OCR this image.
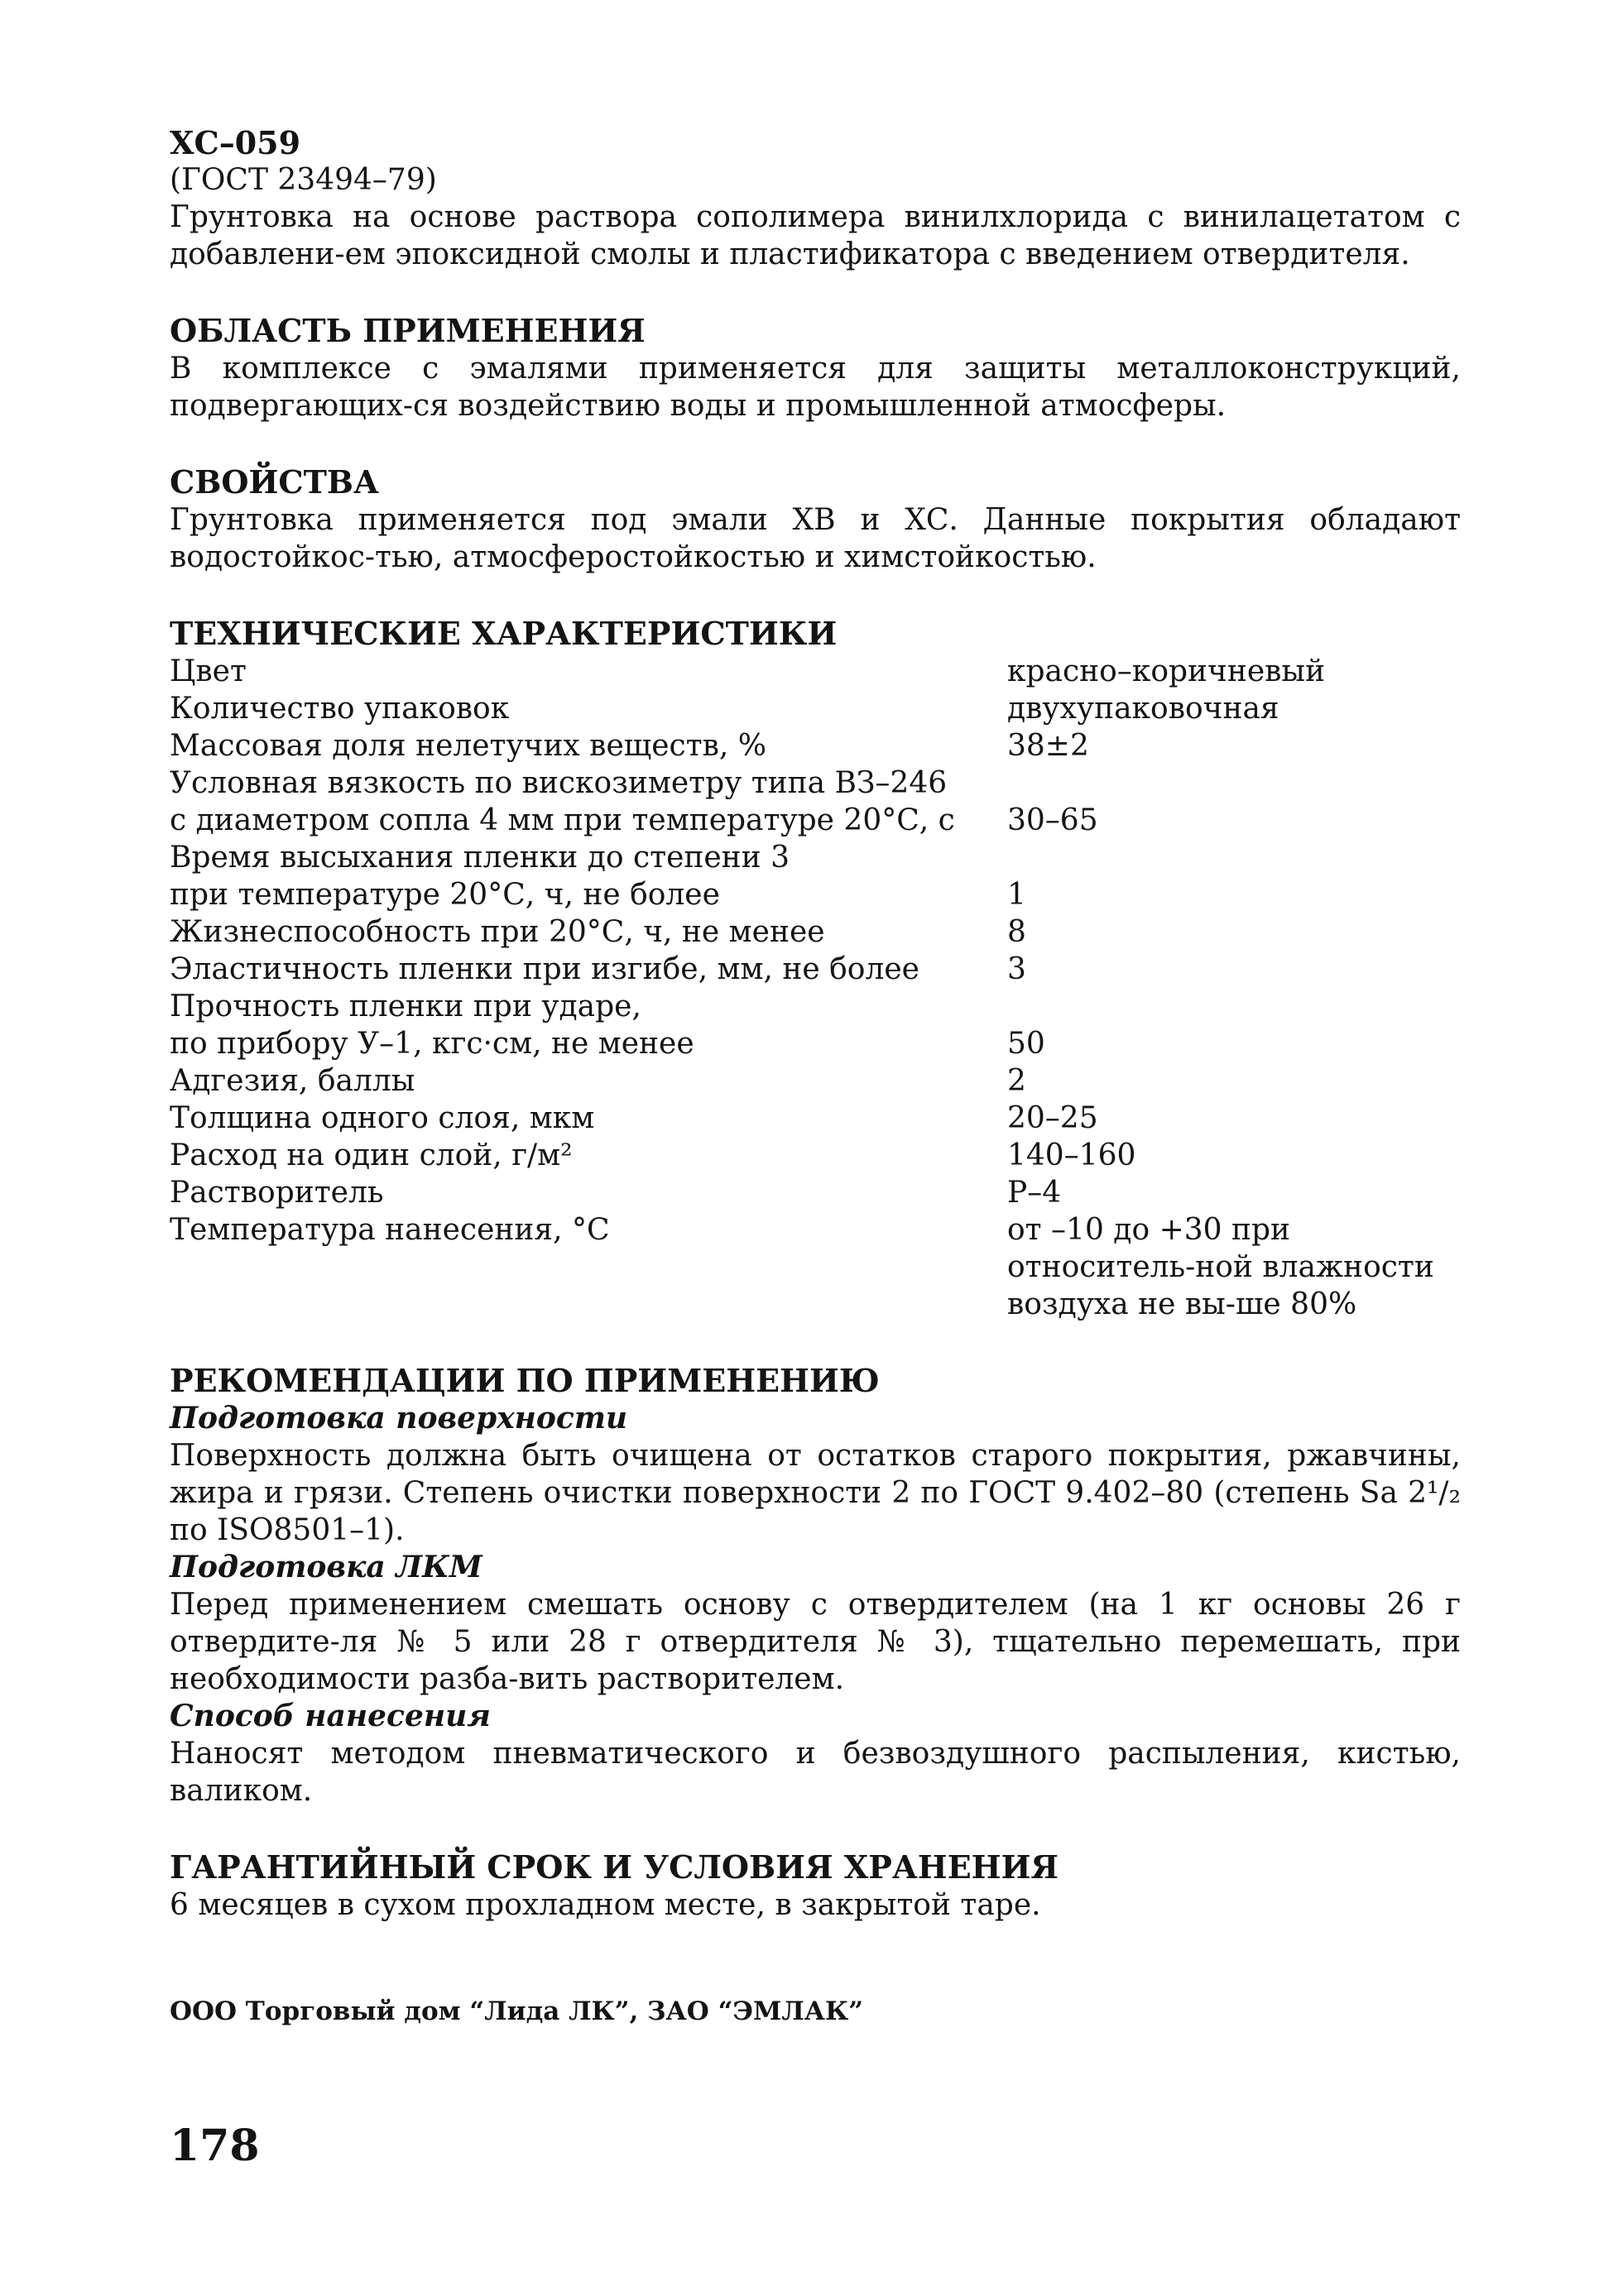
ХС–059

(ГОСТ 23494–79)

Грунтовка на основе раствора сополимера винилхлорида с винилацетатом с добавлени-ем эпоксидной смолы и пластификатора с введением отвердителя.

ОБЛАСТЬ ПРИМЕНЕНИЯ

В комплексе с эмалями применяется для защиты металлоконструкций, подвергающих-ся воздействию воды и промышленной атмосферы.

СВОЙСТВА

Грунтовка применяется под эмали ХВ и ХС. Данные покрытия обладают водостойкос-тью, атмосферостойкостью и химстойкостью.

ТЕХНИЧЕСКИЕ ХАРАКТЕРИСТИКИ

Цвет	красно–коричневый
Количество упаковок	двухупаковочная
Массовая доля нелетучих веществ, %	38±2
Условная вязкость по вискозиметру типа ВЗ–246
с диаметром сопла 4 мм при температуре 20°С, с	30–65
Время высыхания пленки до степени 3
при температуре 20°С, ч, не более	1
Жизнеспособность при 20°С, ч, не менее	8
Эластичность пленки при изгибе, мм, не более	3
Прочность пленки при ударе,
по прибору У–1, кгс·см, не менее	50
Адгезия, баллы	2
Толщина одного слоя, мкм	20–25
Расход на один слой, г/м²	140–160
Растворитель	Р–4
Температура нанесения, °С	от –10 до +30 при относитель-ной влажности воздуха не вы-ше 80%

РЕКОМЕНДАЦИИ ПО ПРИМЕНЕНИЮ

Подготовка поверхности

Поверхность должна быть очищена от остатков старого покрытия, ржавчины, жира и грязи. Степень очистки поверхности 2 по ГОСТ 9.402–80 (степень Sa 2¹/₂ по ISO8501–1).

Подготовка ЛКМ

Перед применением смешать основу с отвердителем (на 1 кг основы 26 г отвердите-ля № 5 или 28 г отвердителя № 3), тщательно перемешать, при необходимости разба-вить растворителем.

Способ нанесения

Наносят методом пневматического и безвоздушного распыления, кистью, валиком.

ГАРАНТИЙНЫЙ СРОК И УСЛОВИЯ ХРАНЕНИЯ

6 месяцев в сухом прохладном месте, в закрытой таре.

ООО Торговый дом “Лида ЛК”, ЗАО “ЭМЛАК”

178
